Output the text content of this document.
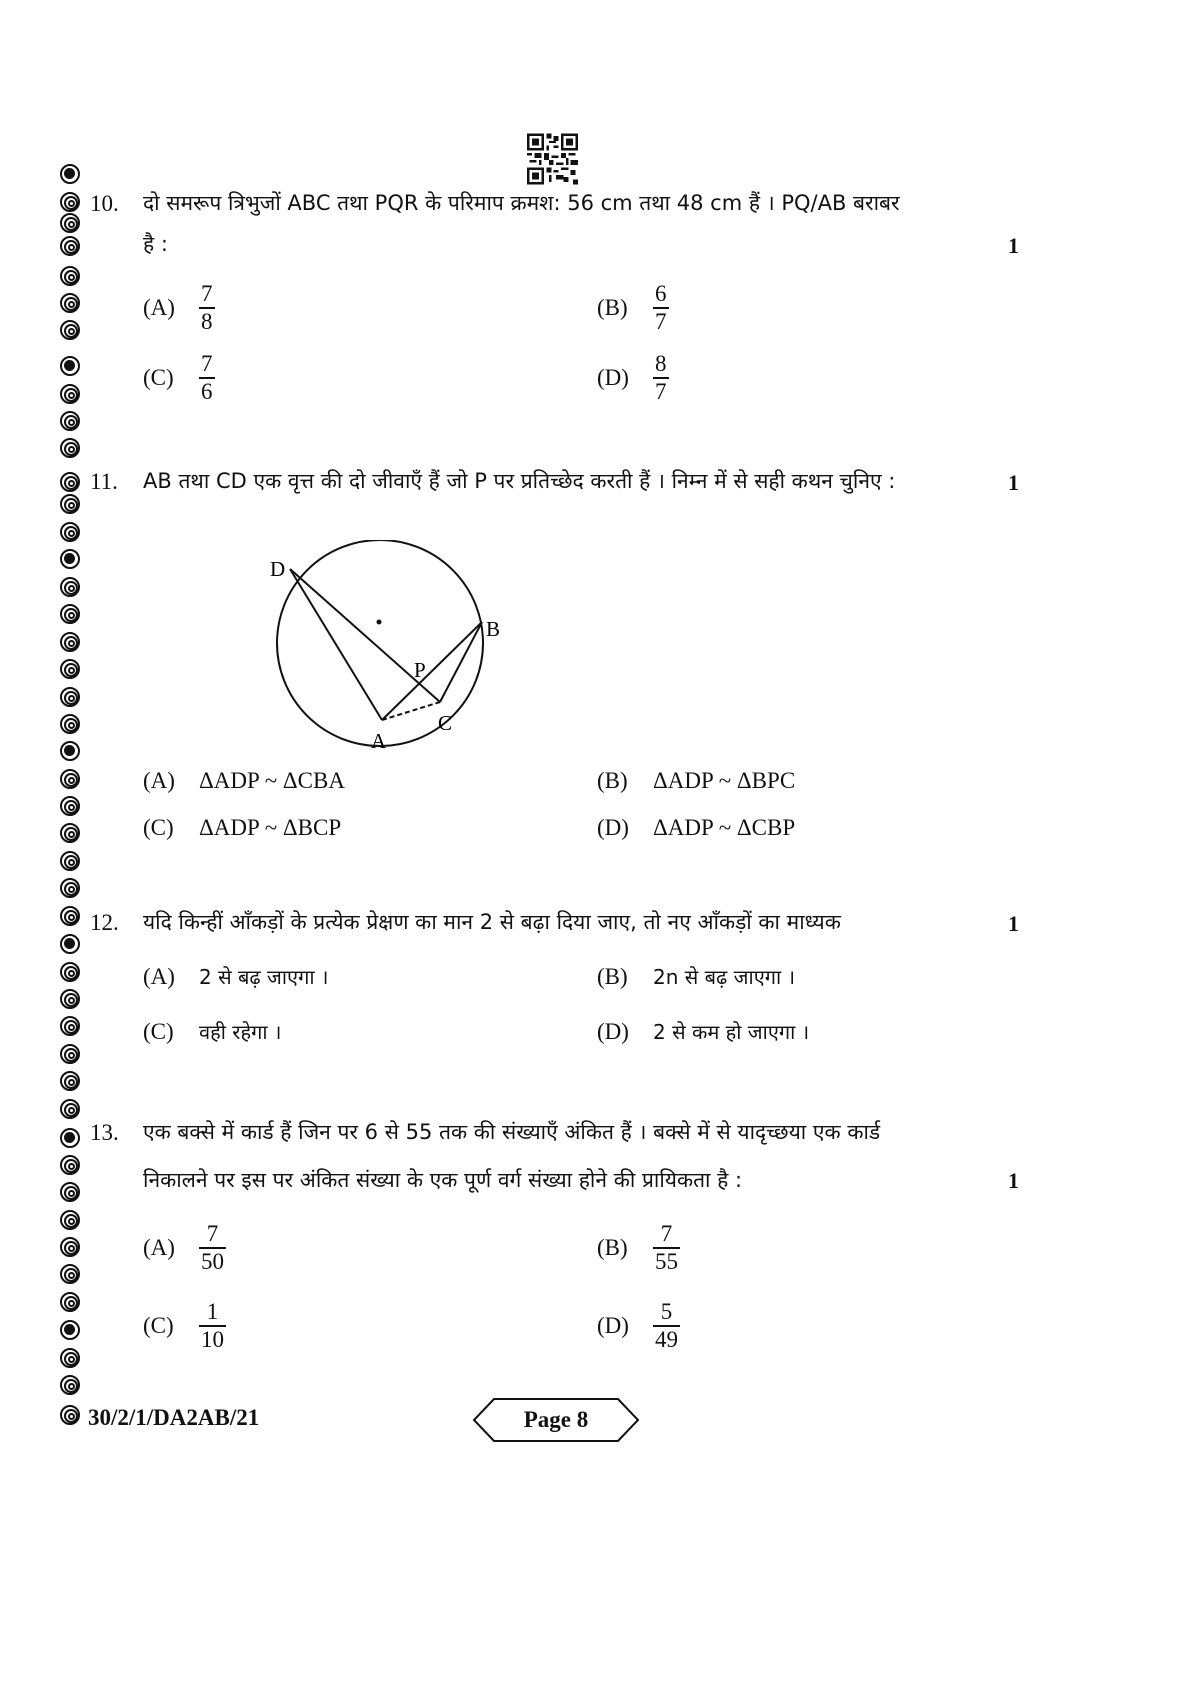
10. दो समरूप त्रिभुजों ABC तथा PQR के परिमाप क्रमश: 56 cm तथा 48 cm हैं । PQ/AB बराबर
है :	1
(A)	$\frac{7}{8}$	(B)	$\frac{6}{7}$
(C)	$\frac{7}{6}$	(D)	$\frac{8}{7}$
11. AB तथा CD एक वृत्त की दो जीवाएँ हैं जो P पर प्रतिच्छेद करती हैं । निम्न में से सही कथन चुनिए :	1
D
B
P
C
A
(A)	ΔADP ~ ΔCBA	(B)	ΔADP ~ ΔBPC
(C)	ΔADP ~ ΔBCP	(D)	ΔADP ~ ΔCBP
12. यदि किन्हीं आँकड़ों के प्रत्येक प्रेक्षण का मान 2 से बढ़ा दिया जाए, तो नए आँकड़ों का माध्यक	1
(A)	2 से बढ़ जाएगा ।	(B)	2n से बढ़ जाएगा ।
(C)	वही रहेगा ।	(D)	2 से कम हो जाएगा ।
13. एक बक्से में कार्ड हैं जिन पर 6 से 55 तक की संख्याएँ अंकित हैं । बक्से में से यादृच्छया एक कार्ड
निकालने पर इस पर अंकित संख्या के एक पूर्ण वर्ग संख्या होने की प्रायिकता है :	1
(A)	$\frac{7}{50}$	(B)	$\frac{7}{55}$
(C)	$\frac{1}{10}$	(D)	$\frac{5}{49}$
30/2/1/DA2AB/21	Page 8
